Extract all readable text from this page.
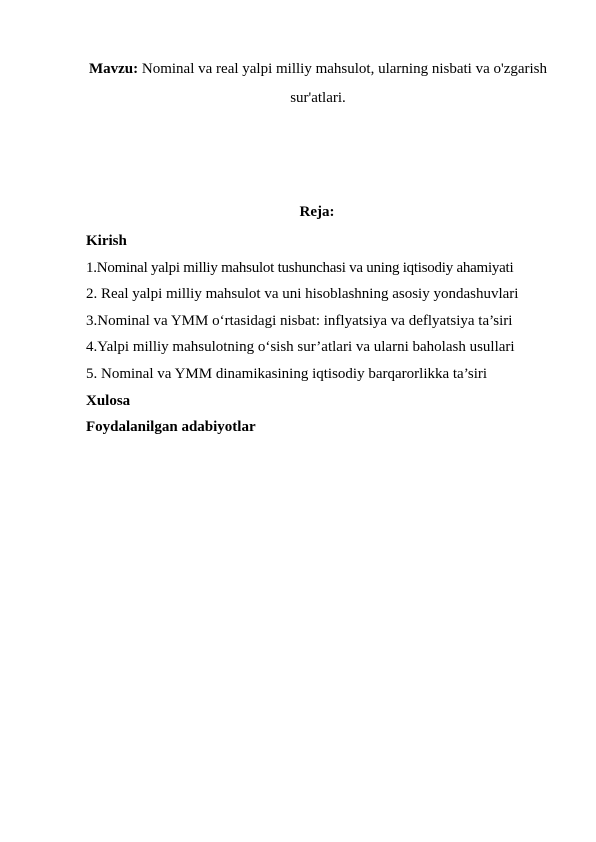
Mavzu: Nominal va real yalpi milliy mahsulot, ularning nisbati va o'zgarish sur'atlari.
Reja:
Kirish
1.Nominal yalpi milliy mahsulot tushunchasi va uning iqtisodiy ahamiyati
2. Real yalpi milliy mahsulot va uni hisoblashning asosiy yondashuvlari
3.Nominal va YMM o‘rtasidagi nisbat: inflyatsiya va deflyatsiya ta’siri
4.Yalpi milliy mahsulotning o‘sish sur’atlari va ularni baholash usullari
5. Nominal va YMM dinamikasining iqtisodiy barqarorlikka ta’siri
Xulosa
Foydalanilgan adabiyotlar
